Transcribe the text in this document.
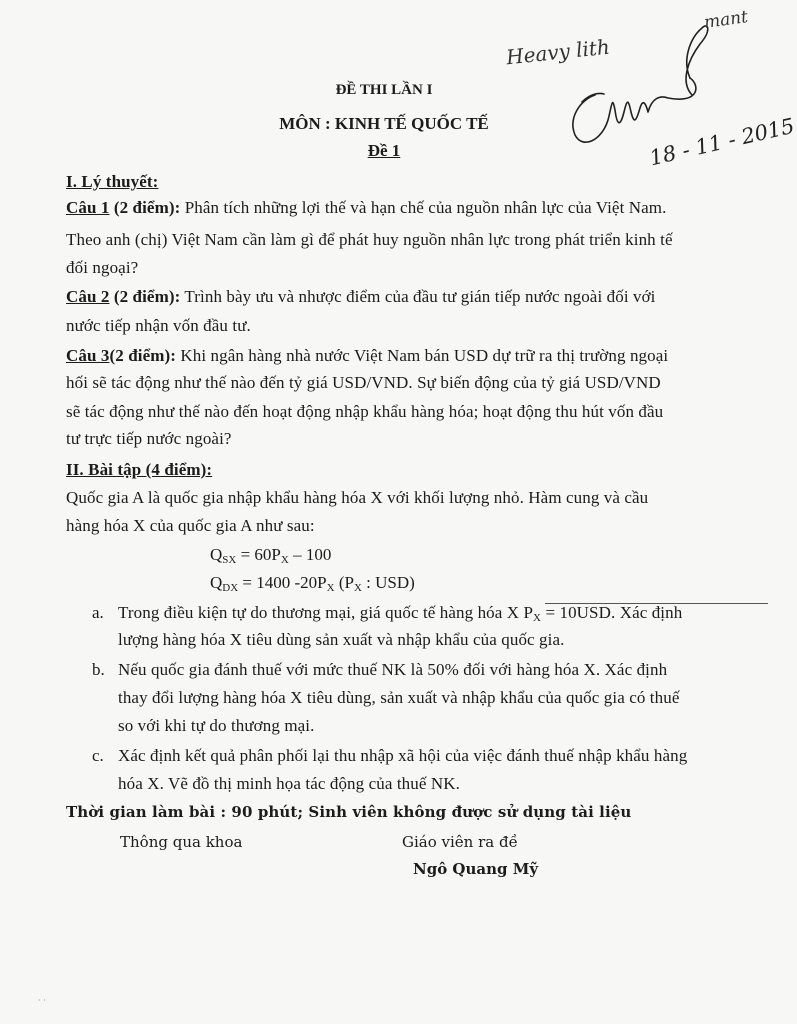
Heavy lith
mant
18 - 11 - 2015
ĐỀ THI LẦN I
MÔN : KINH TẾ QUỐC TẾ
Đề 1
I. Lý thuyết:
Câu 1 (2 điểm): Phân tích những lợi thế và hạn chế của nguồn nhân lực của Việt Nam.
Theo anh (chị) Việt Nam cần làm gì để phát huy nguồn nhân lực trong phát triển kinh tế
đối ngoại?
Câu 2 (2 điểm): Trình bày ưu và nhược điểm của đầu tư gián tiếp nước ngoài đối với
nước tiếp nhận vốn đầu tư.
Câu 3(2 điểm): Khi ngân hàng nhà nước Việt Nam bán USD dự trữ ra thị trường ngoại
hối sẽ tác động như thế nào đến tỷ giá USD/VND. Sự biến động của tỷ giá USD/VND
sẽ tác động như thế nào đến hoạt động nhập khẩu hàng hóa; hoạt động thu hút vốn đầu
tư trực tiếp nước ngoài?
II. Bài tập (4 điểm):
Quốc gia A là quốc gia nhập khẩu hàng hóa X với khối lượng nhỏ. Hàm cung và cầu
hàng hóa X của quốc gia A như sau:
$Q_{SX} = 60P_X - 100$
$Q_{DX} = 1400$ $-20P_X$ ($P_X$ : USD)
a. Trong điều kiện tự do thương mại, giá quốc tế hàng hóa X $P_X = 10USD$. Xác định
lượng hàng hóa X tiêu dùng sản xuất và nhập khẩu của quốc gia.
b. Nếu quốc gia đánh thuế với mức thuế NK là 50% đối với hàng hóa X. Xác định
thay đổi lượng hàng hóa X tiêu dùng, sản xuất và nhập khẩu của quốc gia có thuế
so với khi tự do thương mại.
c. Xác định kết quả phân phối lại thu nhập xã hội của việc đánh thuế nhập khẩu hàng
hóa X. Vẽ đồ thị minh họa tác động của thuế NK.
Thời gian làm bài : 90 phút; Sinh viên không được sử dụng tài liệu
Thông qua khoa	Giáo viên ra đề
Ngô Quang Mỹ
· ·
